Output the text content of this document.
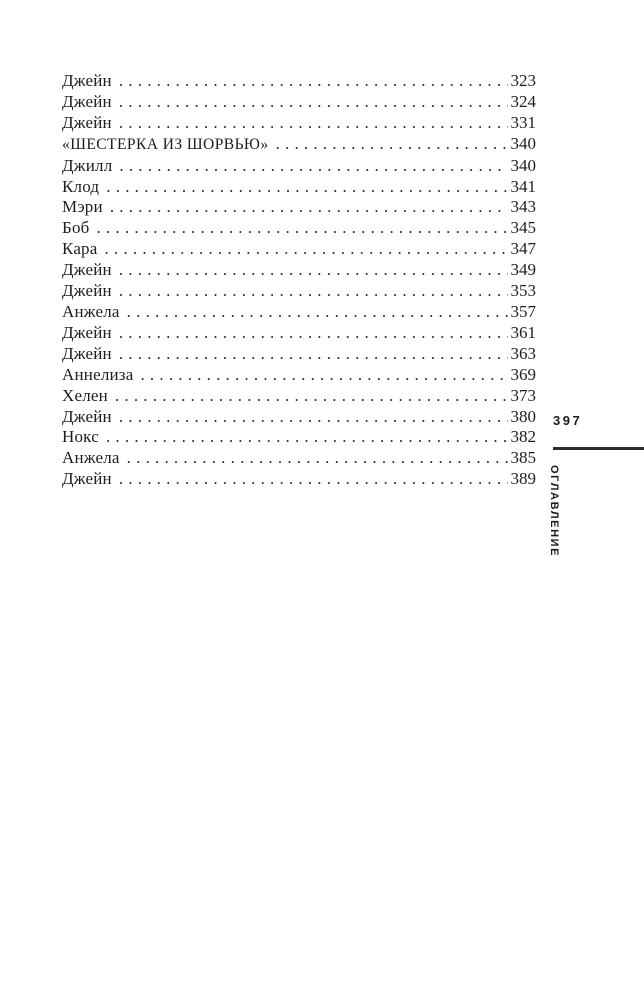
Джейн .....	323
Джейн .....	324
Джейн .....	331
«ШЕСТЕРКА ИЗ ШОРВЬЮ» .....	340
Джилл .....	340
Клод .....	341
Мэри .....	343
Боб .....	345
Кара .....	347
Джейн .....	349
Джейн .....	353
Анжела .....	357
Джейн .....	361
Джейн .....	363
Аннелиза .....	369
Хелен .....	373
Джейн .....	380
Нокс .....	382
Анжела .....	385
Джейн .....	389
397
ОГЛАВЛЕНИЕ
